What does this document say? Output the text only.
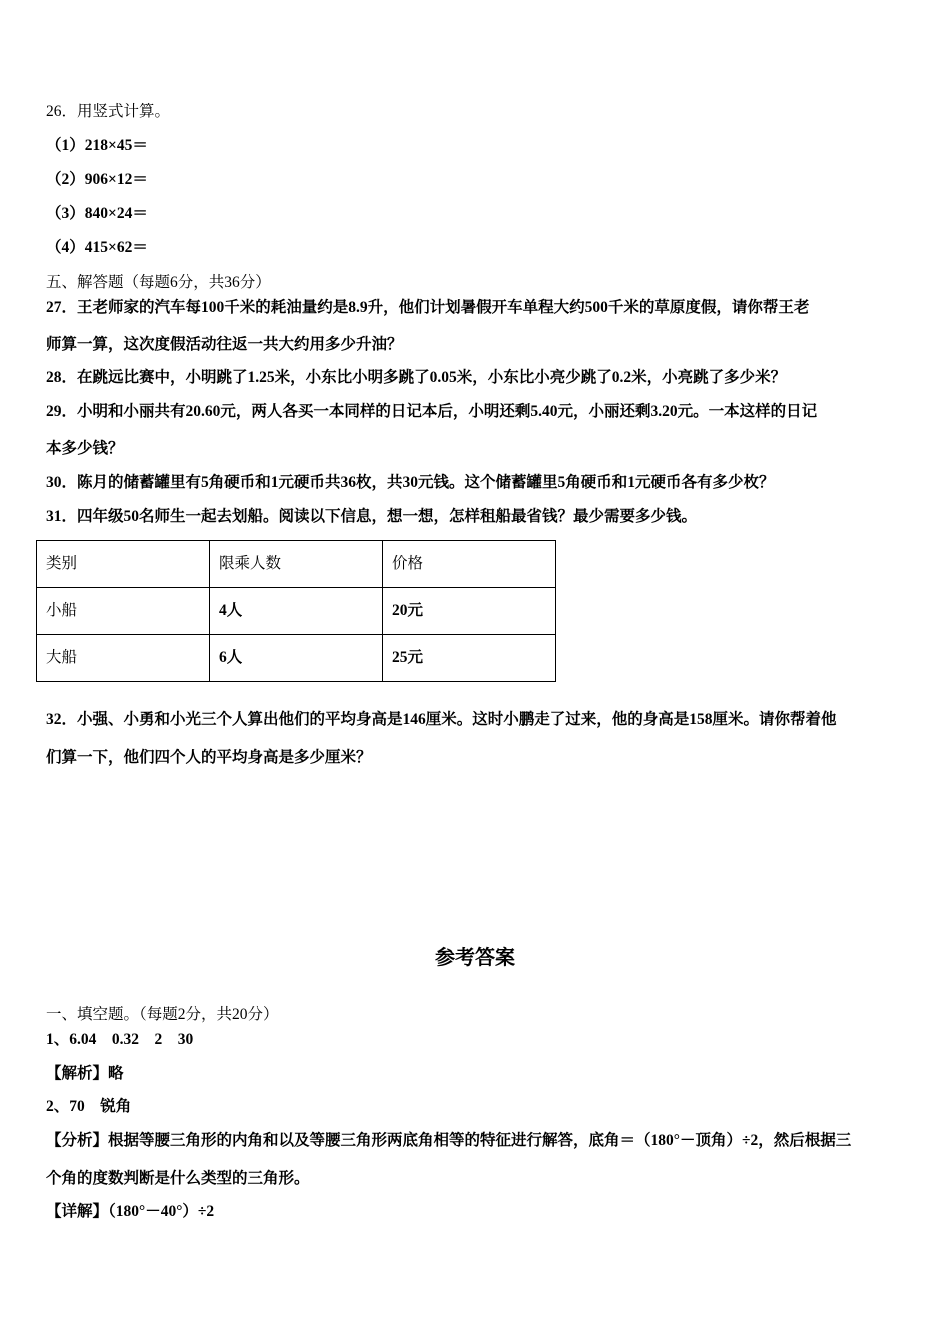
26．用竖式计算。
（1）218×45＝
（2）906×12＝
（3）840×24＝
（4）415×62＝
五、解答题（每题6分，共36分）
27．王老师家的汽车每100千米的耗油量约是8.9升，他们计划暑假开车单程大约500千米的草原度假，请你帮王老
师算一算，这次度假活动往返一共大约用多少升油？
28．在跳远比赛中，小明跳了1.25米，小东比小明多跳了0.05米，小东比小亮少跳了0.2米，小亮跳了多少米？
29．小明和小丽共有20.60元，两人各买一本同样的日记本后，小明还剩5.40元，小丽还剩3.20元。一本这样的日记
本多少钱？
30．陈月的储蓄罐里有5角硬币和1元硬币共36枚，共30元钱。这个储蓄罐里5角硬币和1元硬币各有多少枚？
31．四年级50名师生一起去划船。阅读以下信息，想一想，怎样租船最省钱？最少需要多少钱。
类别	限乘人数	价格
小船	4人	20元
大船	6人	25元
32．小强、小勇和小光三个人算出他们的平均身高是146厘米。这时小鹏走了过来，他的身高是158厘米。请你帮着他
们算一下，他们四个人的平均身高是多少厘米？
参考答案
一、填空题。（每题2分，共20分）
1、6.04　0.32　2　30
【解析】略
2、70　锐角
【分析】根据等腰三角形的内角和以及等腰三角形两底角相等的特征进行解答，底角＝（180°－顶角）÷2，然后根据三
个角的度数判断是什么类型的三角形。
【详解】（180°－40°）÷2
